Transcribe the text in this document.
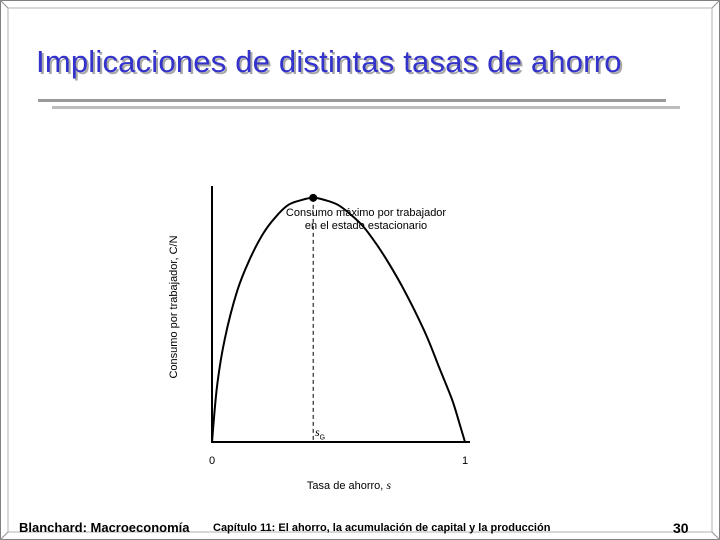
Implicaciones de distintas tasas de ahorro
Consumo por trabajador, C/N
Consumo máximo por trabajador
en el estado estacionario
$s_G$
0	1
Tasa de ahorro, s
Blanchard: Macroeconomía Capítulo 11: El ahorro, la acumulación de capital y la producción	30
